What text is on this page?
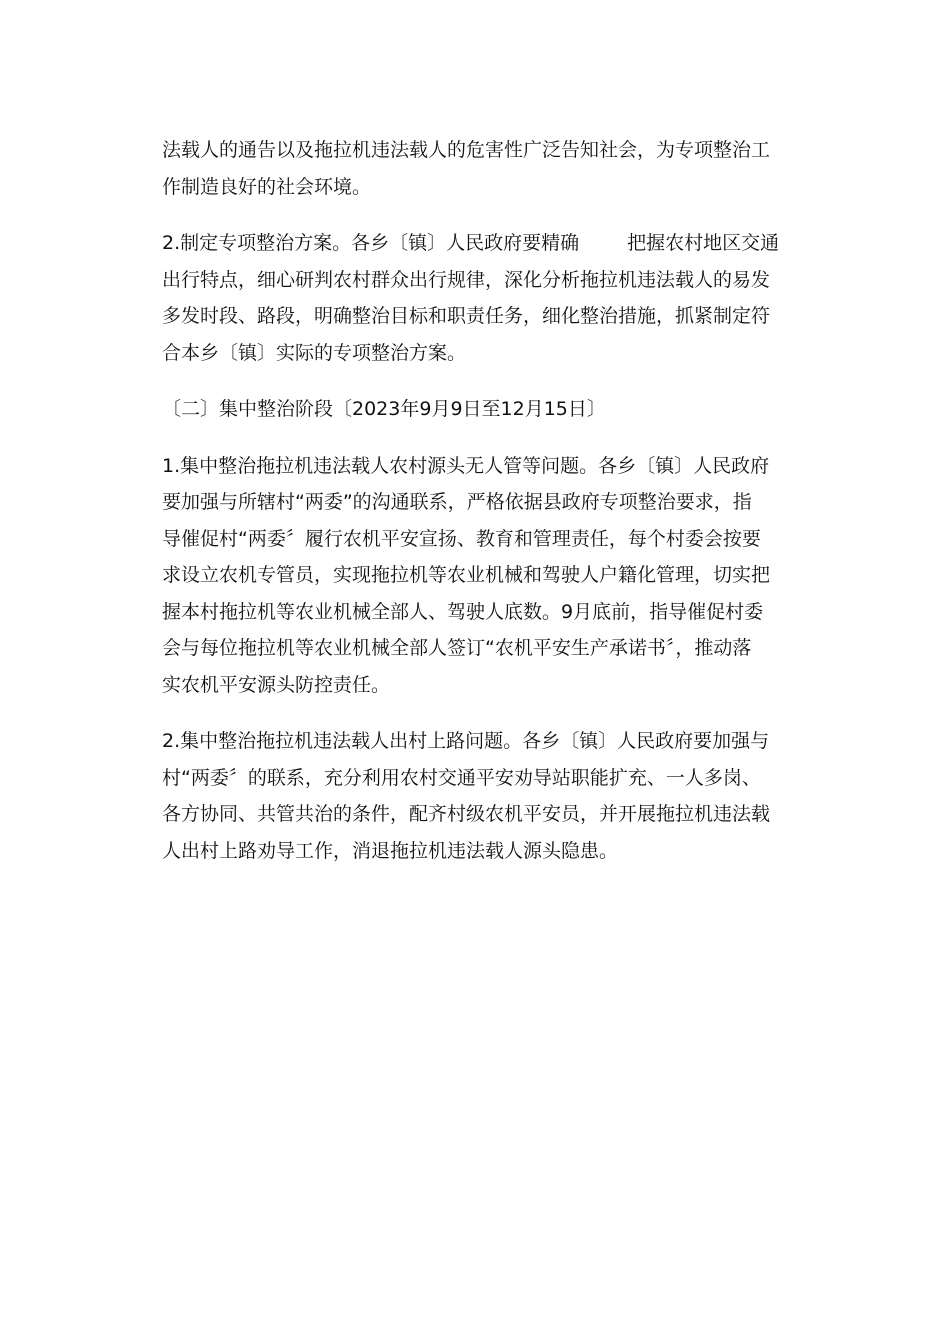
法载人的通告以及拖拉机违法载人的危害性广泛告知社会，为专项整治工
作制造良好的社会环境。

2.制定专项整治方案。各乡〔镇〕人民政府要精确	把握农村地区交通
出行特点，细心研判农村群众出行规律，深化分析拖拉机违法载人的易发
多发时段、路段，明确整治目标和职责任务，细化整治措施，抓紧制定符
合本乡〔镇〕实际的专项整治方案。

〔二〕集中整治阶段〔2023年9月9日至12月15日〕

1.集中整治拖拉机违法载人农村源头无人管等问题。各乡〔镇〕人民政府
要加强与所辖村“两委”的沟通联系，严格依据县政府专项整治要求，指
导催促村“两委〞履行农机平安宣扬、教育和管理责任，每个村委会按要
求设立农机专管员，实现拖拉机等农业机械和驾驶人户籍化管理，切实把
握本村拖拉机等农业机械全部人、驾驶人底数。9月底前，指导催促村委
会与每位拖拉机等农业机械全部人签订“农机平安生产承诺书〞，推动落
实农机平安源头防控责任。

2.集中整治拖拉机违法载人出村上路问题。各乡〔镇〕人民政府要加强与
村“两委〞的联系，充分利用农村交通平安劝导站职能扩充、一人多岗、
各方协同、共管共治的条件，配齐村级农机平安员，并开展拖拉机违法载
人出村上路劝导工作，消退拖拉机违法载人源头隐患。
